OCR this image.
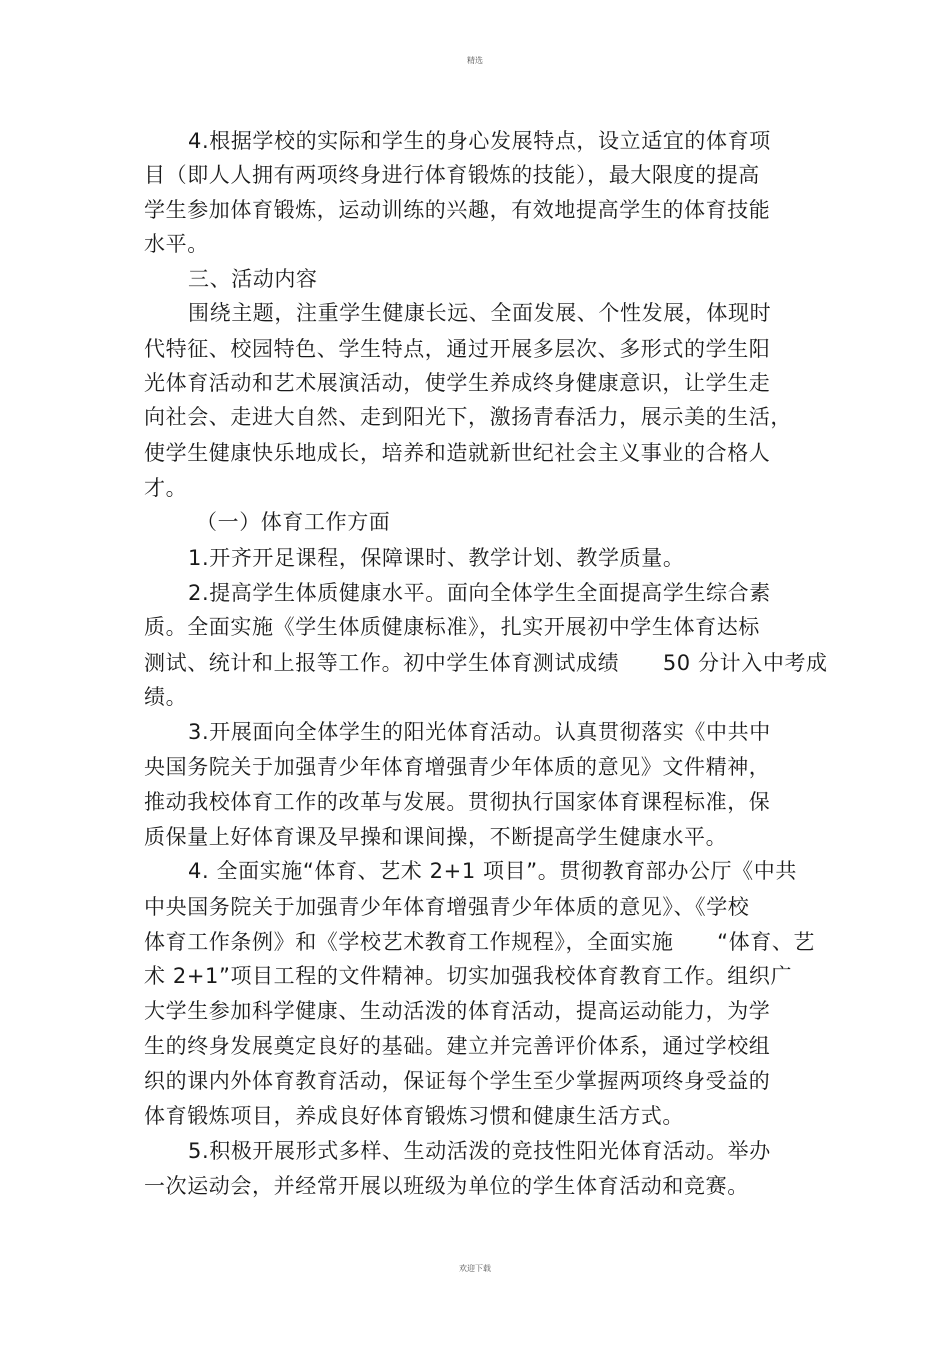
精选
4.根据学校的实际和学生的身心发展特点，设立适宜的体育项
目（即人人拥有两项终身进行体育锻炼的技能），最大限度的提高
学生参加体育锻炼，运动训练的兴趣，有效地提高学生的体育技能
水平。
三、活动内容
围绕主题，注重学生健康长远、全面发展、个性发展，体现时
代特征、校园特色、学生特点，通过开展多层次、多形式的学生阳
光体育活动和艺术展演活动，使学生养成终身健康意识，让学生走
向社会、走进大自然、走到阳光下，激扬青春活力，展示美的生活，
使学生健康快乐地成长，培养和造就新世纪社会主义事业的合格人
才。
（一）体育工作方面
1.开齐开足课程，保障课时、教学计划、教学质量。
2.提高学生体质健康水平。面向全体学生全面提高学生综合素
质。全面实施《学生体质健康标准》，扎实开展初中学生体育达标
测试、统计和上报等工作。初中学生体育测试成绩      50 分计入中考成
绩。
3.开展面向全体学生的阳光体育活动。认真贯彻落实《中共中
央国务院关于加强青少年体育增强青少年体质的意见》文件精神，
推动我校体育工作的改革与发展。贯彻执行国家体育课程标准，保
质保量上好体育课及早操和课间操，不断提高学生健康水平。
4. 全面实施“体育、艺术 2+1 项目”。贯彻教育部办公厅《中共
中央国务院关于加强青少年体育增强青少年体质的意见》、《学校
体育工作条例》和《学校艺术教育工作规程》，全面实施      “体育、艺
术 2+1”项目工程的文件精神。切实加强我校体育教育工作。组织广
大学生参加科学健康、生动活泼的体育活动，提高运动能力，为学
生的终身发展奠定良好的基础。建立并完善评价体系，通过学校组
织的课内外体育教育活动，保证每个学生至少掌握两项终身受益的
体育锻炼项目，养成良好体育锻炼习惯和健康生活方式。
5.积极开展形式多样、生动活泼的竞技性阳光体育活动。举办
一次运动会，并经常开展以班级为单位的学生体育活动和竞赛。
欢迎下载
